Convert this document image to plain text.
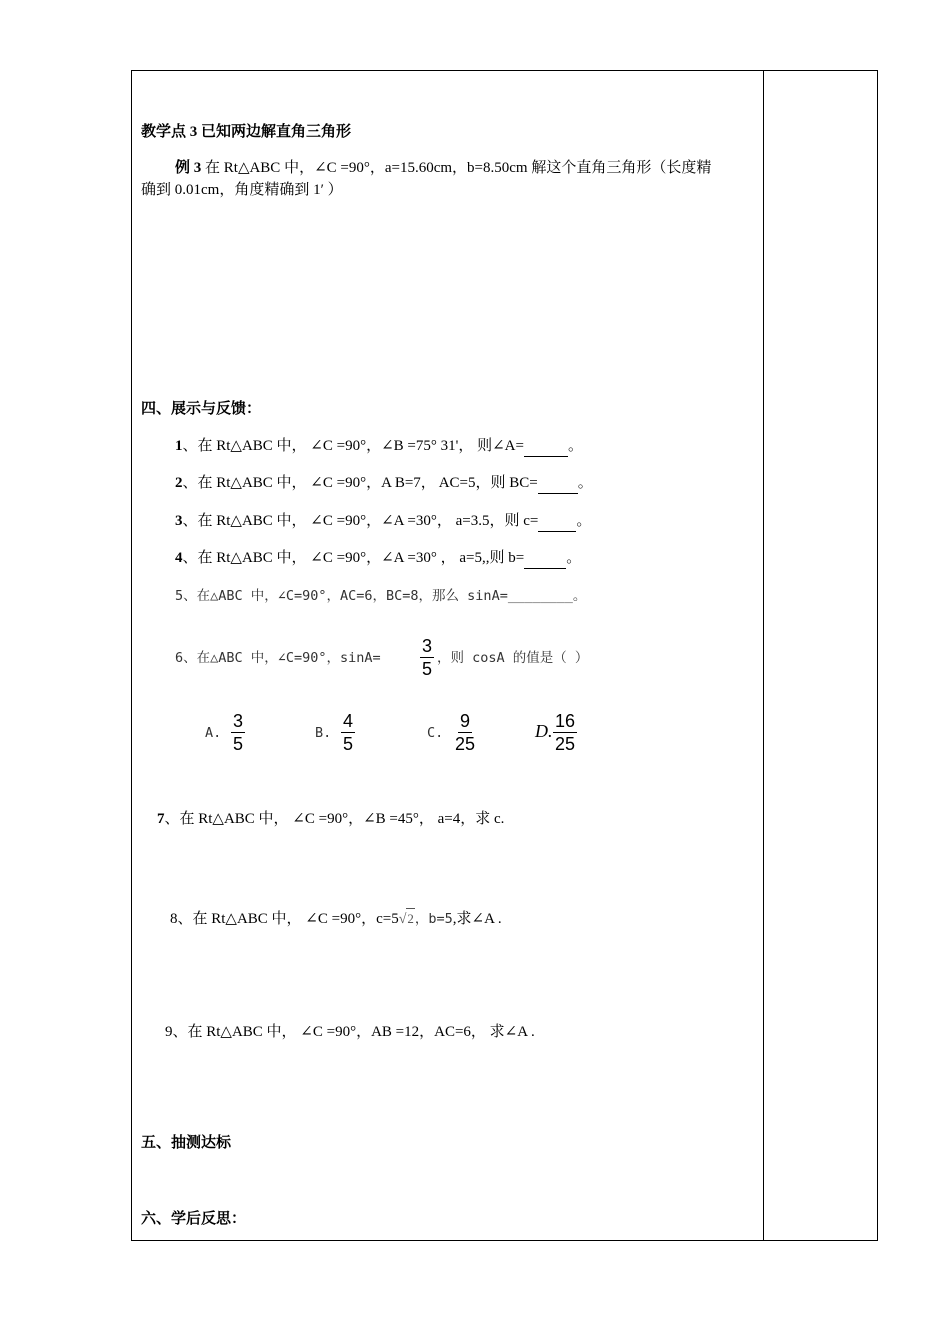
教学点 3 已知两边解直角三角形
例 3 在 Rt△ABC 中，∠C =90°，a=15.60cm，b=8.50cm 解这个直角三角形（长度精
确到 0.01cm，角度精确到 1′ ）
四、展示与反馈：
1、在 Rt△ABC 中， ∠C =90°，∠B =75° 31'， 则∠A=	。
2、在 Rt△ABC 中， ∠C =90°，A B=7， AC=5，则 BC=	。
3、在 Rt△ABC 中， ∠C =90°，∠A =30°， a=3.5，则 c=	。
4、在 Rt△ABC 中， ∠C =90°，∠A =30° ， a=5,,则 b=	。
5、在△ABC 中，∠C=90°，AC=6，BC=8，那么 sinA=________。
6、在△ABC 中，∠C=90°，$\sin A= \frac{3}{5}$ ，则 cosA 的值是（ ）
A. $\frac{3}{5}$	B. $\frac{4}{5}$	C. $\frac{9}{25}$	D. $\frac{16}{25}$
7、在 Rt△ABC 中， ∠C =90°，∠B =45°， a=4，求 c.
8、在 Rt△ABC 中， ∠C =90°，c=5√2，b=5,求∠A .
9、在 Rt△ABC 中， ∠C =90°，AB =12，AC=6， 求∠A .
五、抽测达标
六、学后反思：
